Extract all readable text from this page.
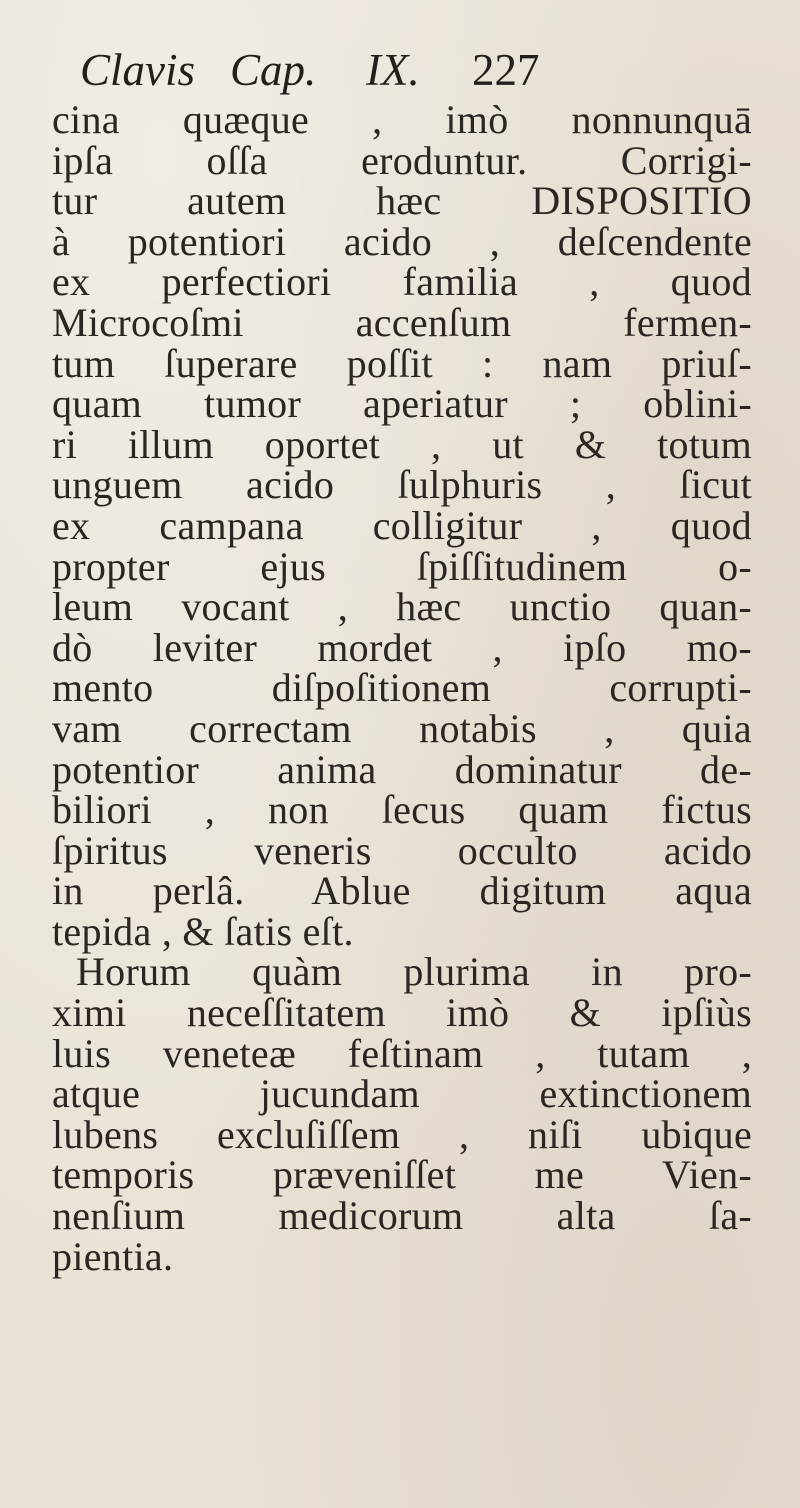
Clavis Cap. IX. 227
cina quæque , imò nonnunquā
ipſa oſſa eroduntur. Corrigi-
tur autem hæc DISPOSITIO
à potentiori acido , deſcendente
ex perfectiori familia , quod
Microcoſmi accenſum fermen-
tum ſuperare poſſit : nam priuſ-
quam tumor aperiatur ; oblini-
ri illum oportet , ut & totum
unguem acido ſulphuris , ſicut
ex campana colligitur , quod
propter ejus ſpiſſitudinem o-
leum vocant , hæc unctio quan-
dò leviter mordet , ipſo mo-
mento diſpoſitionem corrupti-
vam correctam notabis , quia
potentior anima dominatur de-
biliori , non ſecus quam fictus
ſpiritus veneris occulto acido
in perlâ. Ablue digitum aqua
tepida , & ſatis eſt.
Horum quàm plurima in pro-
ximi neceſſitatem imò & ipſiùs
luis veneteæ feſtinam , tutam ,
atque jucundam extinctionem
lubens excluſiſſem , niſi ubique
temporis præveniſſet me Vien-
nenſium medicorum alta ſa-
pientia.
